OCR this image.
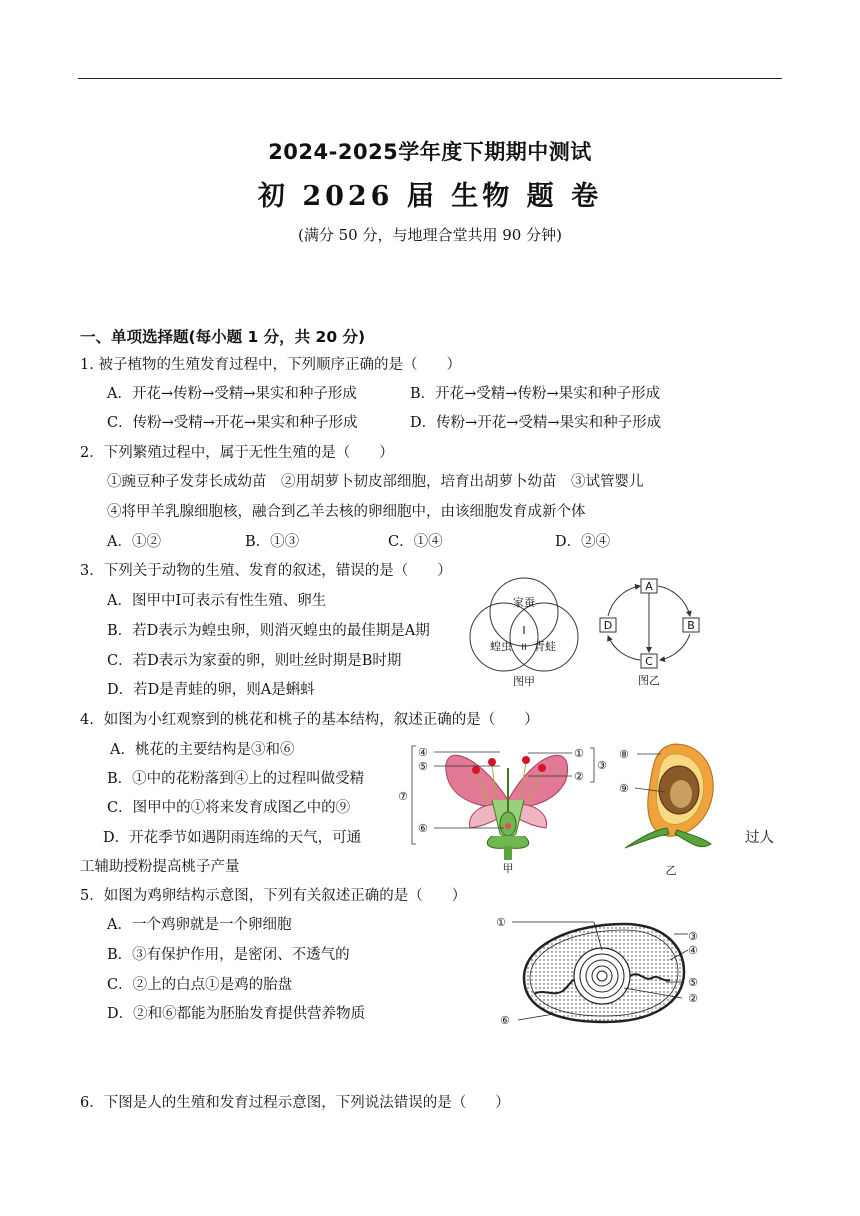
2024-2025学年度下期期中测试
初 2026 届 生物 题 卷
(满分 50 分，与地理合堂共用 90 分钟)
一、单项选择题(每小题 1 分，共 20 分)
1. 被子植物的生殖发育过程中，下列顺序正确的是（　　）
A．开花→传粉→受精→果实和种子形成	B．开花→受精→传粉→果实和种子形成
C．传粉→受精→开花→果实和种子形成	D．传粉→开花→受精→果实和种子形成
2．下列繁殖过程中，属于无性生殖的是（　　）
①豌豆种子发芽长成幼苗　②用胡萝卜韧皮部细胞，培育出胡萝卜幼苗　③试管婴儿
④将甲羊乳腺细胞核，融合到乙羊去核的卵细胞中，由该细胞发育成新个体
A．①②	B．①③	C．①④	D．②④
3．下列关于动物的生殖、发育的叙述，错误的是（　　）
A．图甲中Ⅰ可表示有性生殖、卵生
B．若D表示为蝗虫卵，则消灭蝗虫的最佳期是A期
C．若D表示为家蚕的卵，则吐丝时期是B时期
D．若D是青蛙的卵，则A是蝌蚪
家蚕
蝗虫 青蛙
I
II
图甲
A
B
C
D
图乙
4．如图为小红观察到的桃花和桃子的基本结构，叙述正确的是（　　）
A．桃花的主要结构是③和⑥
B．①中的花粉落到④上的过程叫做受精
C．图甲中的①将来发育成图乙中的⑨
D．开花季节如遇阴雨连绵的天气，可通	过人
工辅助授粉提高桃子产量
④
⑤
⑥
⑦
①
②
③
甲
⑧
⑨
乙
5．如图为鸡卵结构示意图，下列有关叙述正确的是（　　）
A．一个鸡卵就是一个卵细胞
B．③有保护作用，是密闭、不透气的
C．②上的白点①是鸡的胎盘
D．②和⑥都能为胚胎发育提供营养物质
①
③
④
⑤
②
⑥
6．下图是人的生殖和发育过程示意图，下列说法错误的是（　　）
